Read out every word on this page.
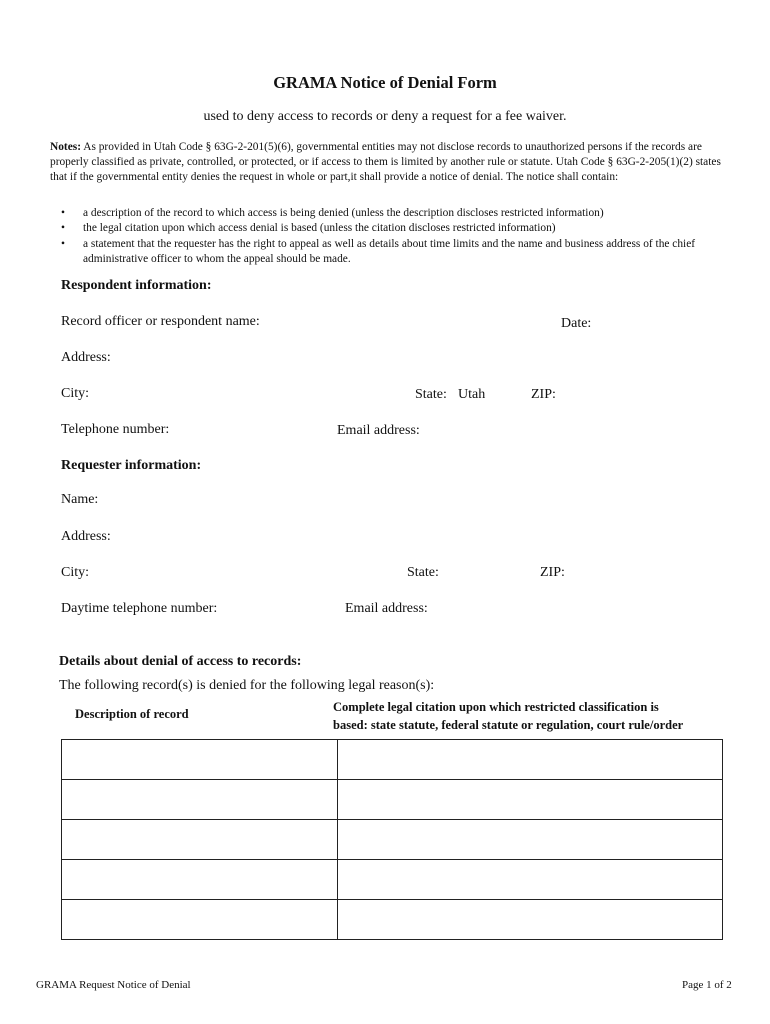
GRAMA Notice of Denial Form
used to deny access to records or deny a request for a fee waiver.
Notes: As provided in Utah Code § 63G-2-201(5)(6), governmental entities may not disclose records to unauthorized persons if the records are properly classified as private, controlled, or protected, or if access to them is limited by another rule or statute. Utah Code § 63G-2-205(1)(2) states that if the governmental entity denies the request in whole or part,it shall provide a notice of denial. The notice shall contain:
• a description of the record to which access is being denied (unless the description discloses restricted information)
• the legal citation upon which access denial is based (unless the citation discloses restricted information)
• a statement that the requester has the right to appeal as well as details about time limits and the name and business address of the chief administrative officer to whom the appeal should be made.
Respondent information:
Record officer or respondent name:	Date:
Address:
City:	State: Utah	ZIP:
Telephone number:	Email address:
Requester information:
Name:
Address:
City:	State:	ZIP:
Daytime telephone number:	Email address:
Details about denial of access to records:
The following record(s) is denied for the following legal reason(s):
Description of record	Complete legal citation upon which restricted classification is
based: state statute, federal statute or regulation, court rule/order

GRAMA Request Notice of Denial	Page 1 of 2
